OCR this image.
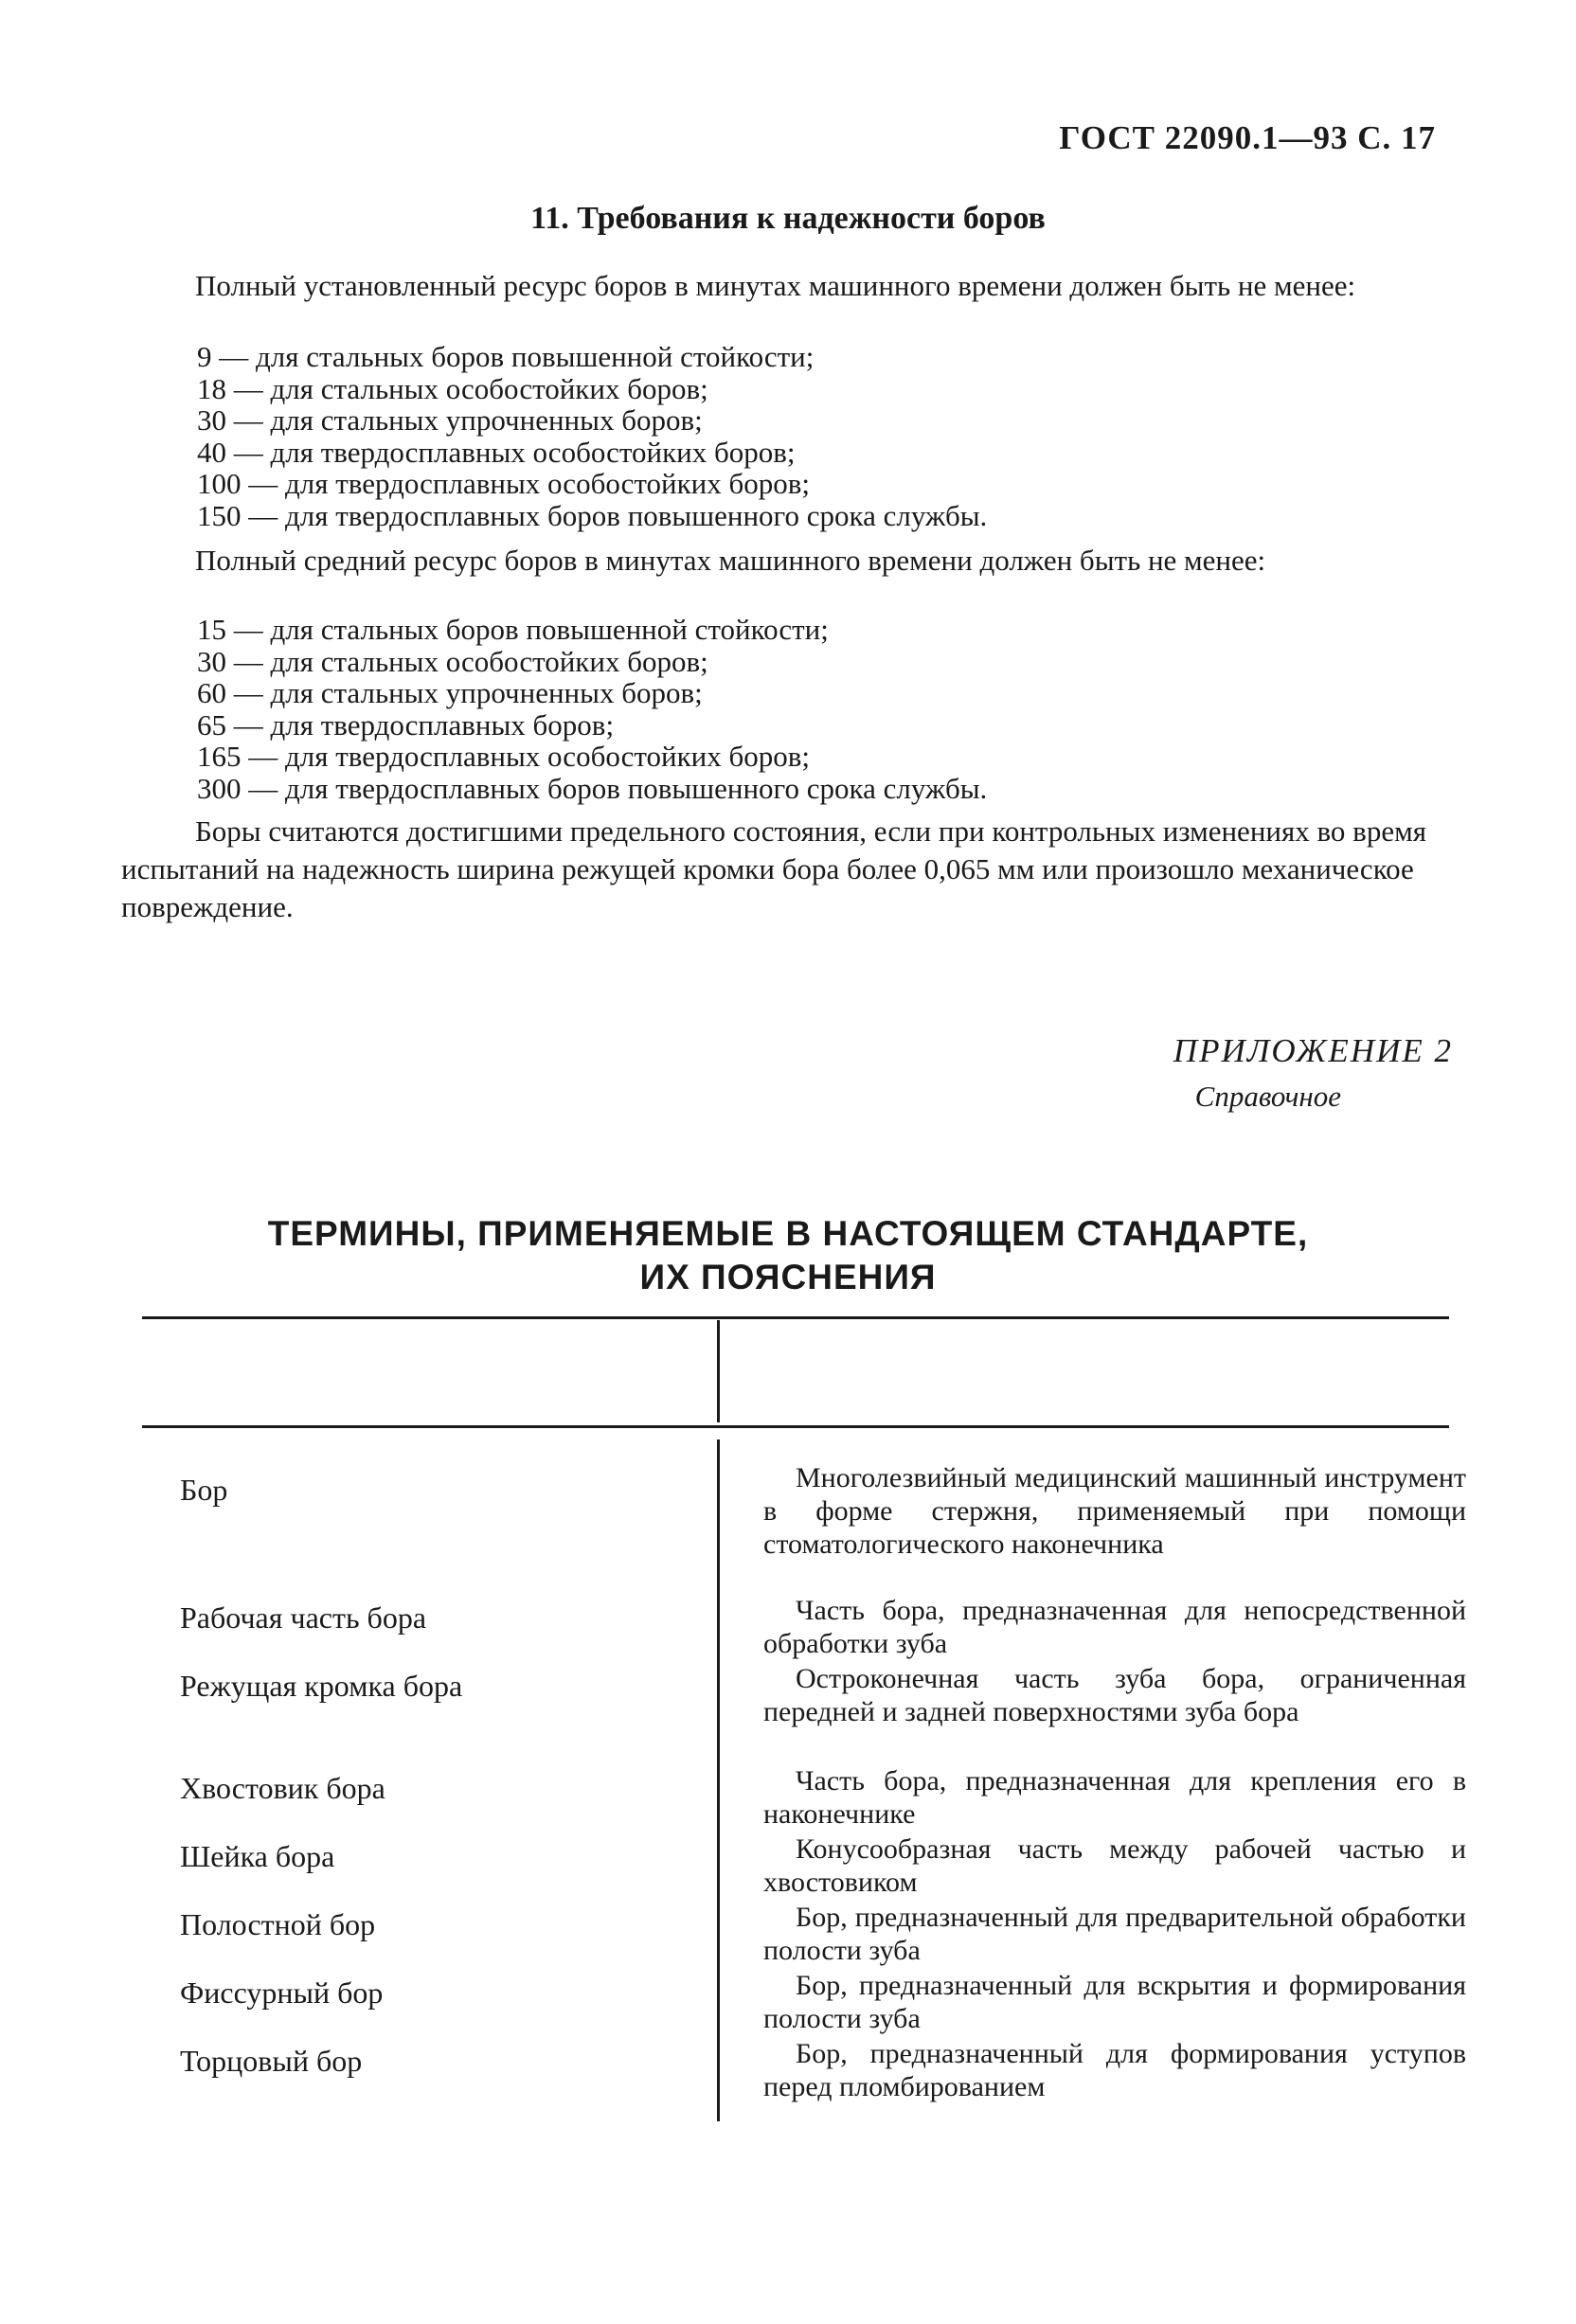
ГОСТ 22090.1—93 С. 17
11. Требования к надежности боров
Полный установленный ресурс боров в минутах машинного времени должен быть не менее:
9 — для стальных боров повышенной стойкости;
18 — для стальных особостойких боров;
30 — для стальных упрочненных боров;
40 — для твердосплавных особостойких боров;
100 — для твердосплавных особостойких боров;
150 — для твердосплавных боров повышенного срока службы.
Полный средний ресурс боров в минутах машинного времени должен быть не менее:
15 — для стальных боров повышенной стойкости;
30 — для стальных особостойких боров;
60 — для стальных упрочненных боров;
65 — для твердосплавных боров;
165 — для твердосплавных особостойких боров;
300 — для твердосплавных боров повышенного срока службы.
Боры считаются достигшими предельного состояния, если при контрольных изменениях во время испытаний на надежность ширина режущей кромки бора более 0,065 мм или произошло механическое повреждение.
ПРИЛОЖЕНИЕ 2
Справочное
ТЕРМИНЫ, ПРИМЕНЯЕМЫЕ В НАСТОЯЩЕМ СТАНДАРТЕ,
ИХ ПОЯСНЕНИЯ
Бор	Многолезвийный медицинский машинный инструмент в форме стержня, применяемый при помощи стоматологического наконечника
Рабочая часть бора	Часть бора, предназначенная для непосредственной обработки зуба
Режущая кромка бора	Остроконечная часть зуба бора, ограниченная передней и задней поверхностями зуба бора
Хвостовик бора	Часть бора, предназначенная для крепления его в наконечнике
Шейка бора	Конусообразная часть между рабочей частью и хвостовиком
Полостной бор	Бор, предназначенный для предварительной обработки полости зуба
Фиссурный бор	Бор, предназначенный для вскрытия и формирования полости зуба
Торцовый бор	Бор, предназначенный для формирования уступов перед пломбированием
